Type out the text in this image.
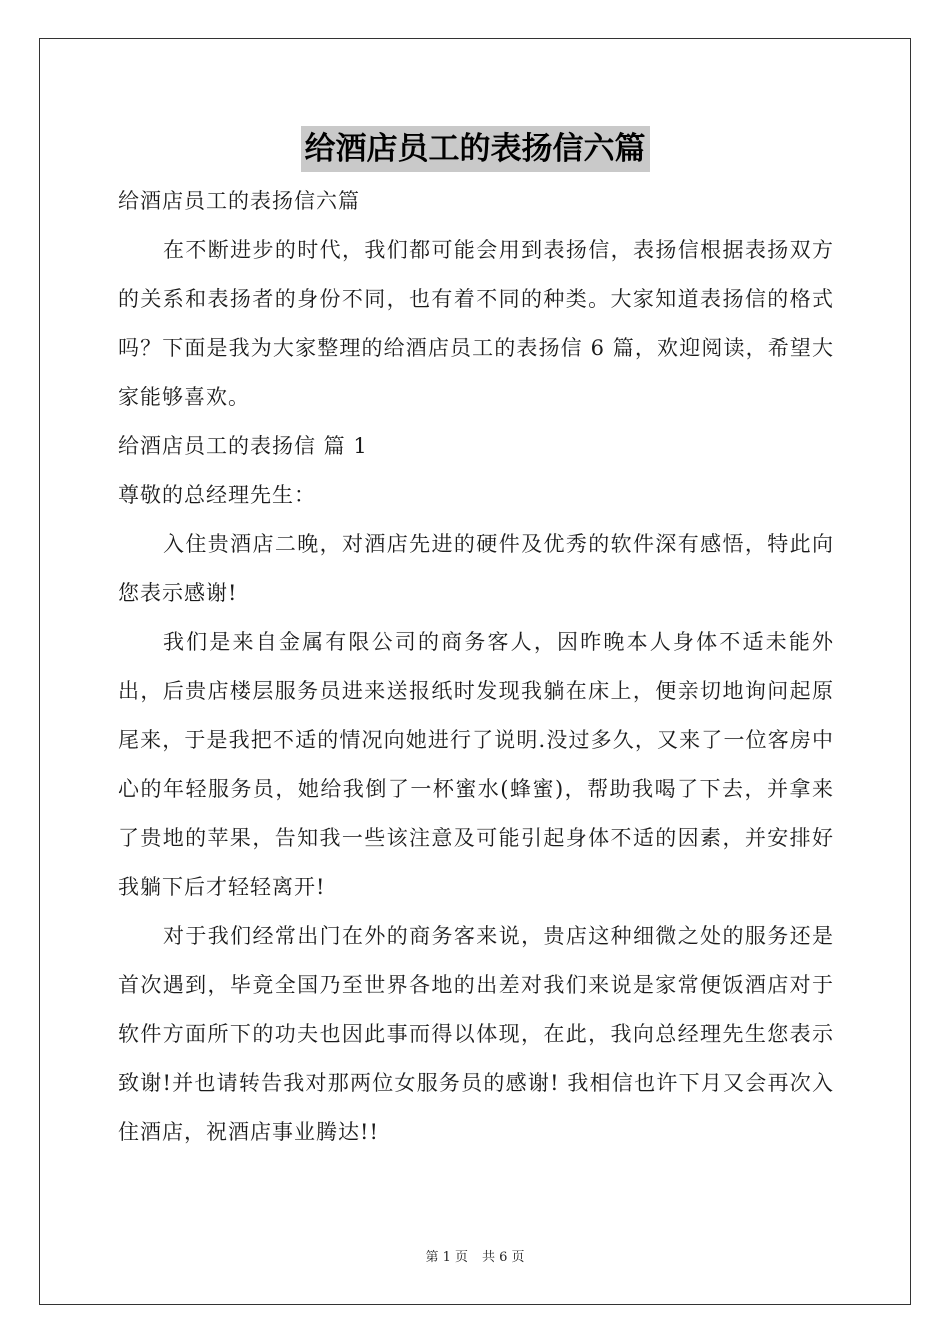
给酒店员工的表扬信六篇

给酒店员工的表扬信六篇

在不断进步的时代，我们都可能会用到表扬信，表扬信根据表扬双方的关系和表扬者的身份不同，也有着不同的种类。大家知道表扬信的格式吗？下面是我为大家整理的给酒店员工的表扬信 6 篇，欢迎阅读，希望大家能够喜欢。

给酒店员工的表扬信 篇 1

尊敬的总经理先生：

入住贵酒店二晚，对酒店先进的硬件及优秀的软件深有感悟，特此向您表示感谢!

我们是来自金属有限公司的商务客人，因昨晚本人身体不适未能外出，后贵店楼层服务员进来送报纸时发现我躺在床上，便亲切地询问起原尾来，于是我把不适的情况向她进行了说明.没过多久，又来了一位客房中心的年轻服务员，她给我倒了一杯蜜水(蜂蜜)，帮助我喝了下去，并拿来了贵地的苹果，告知我一些该注意及可能引起身体不适的因素，并安排好我躺下后才轻轻离开!

对于我们经常出门在外的商务客来说，贵店这种细微之处的服务还是首次遇到，毕竟全国乃至世界各地的出差对我们来说是家常便饭酒店对于软件方面所下的功夫也因此事而得以体现，在此，我向总经理先生您表示致谢!并也请转告我对那两位女服务员的感谢! 我相信也许下月又会再次入住酒店，祝酒店事业腾达!!

第 1 页 共 6 页
